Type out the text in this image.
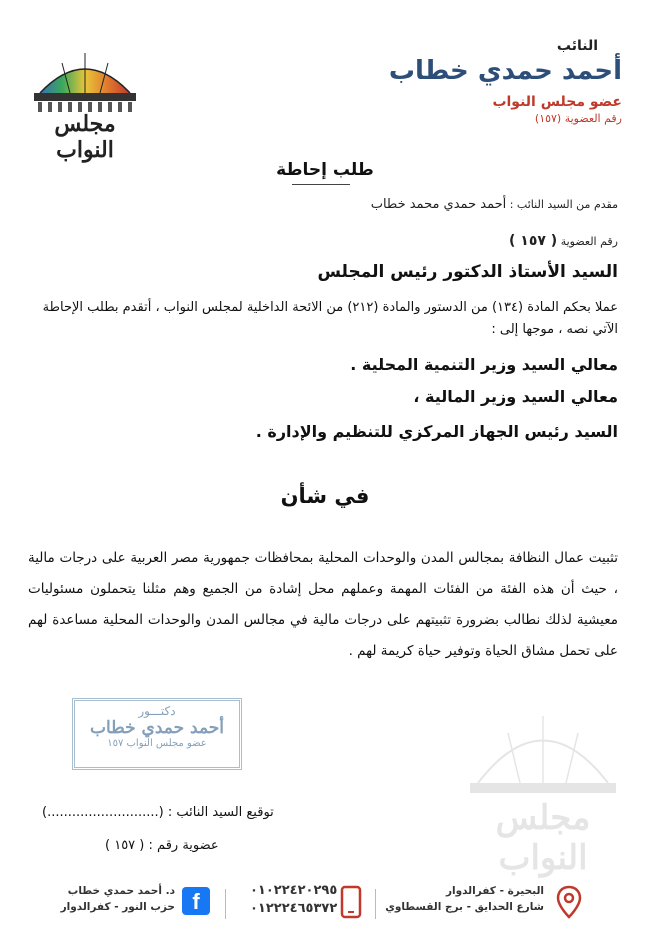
مجلس النواب
النائب
أحمد حمدي خطاب
عضو مجلس النواب
رقم العضوية (١٥٧)
طلب إحاطة
مقدم من السيد النائب : أحمد حمدي محمد خطاب
رقم العضوية ( ١٥٧ )
السيد الأستاذ الدكتور رئيس المجلس
عملا بحكم المادة (١٣٤) من الدستور والمادة (٢١٢) من الائحة الداخلية لمجلس النواب ، أتقدم بطلب الإحاطة الآتي نصه ، موجها إلى :
معالي السيد وزير التنمية المحلية .
معالي السيد وزير المالية ،
السيد رئيس الجهاز المركزي للتنظيم والإدارة .
في شأن
تثبيت عمال النظافة بمجالس المدن والوحدات المحلية بمحافظات جمهورية مصر العربية على درجات مالية ، حيث أن هذه الفئة من الفئات المهمة وعملهم محل إشادة من الجميع وهم مثلنا يتحملون مسئوليات معيشية لذلك نطالب بضرورة تثبيتهم على درجات مالية في مجالس المدن والوحدات المحلية مساعدة لهم على تحمل مشاق الحياة وتوفير حياة كريمة لهم .
دكتـــور
أحمد حمدي خطاب
عضو مجلس النواب ١٥٧
مجلس النواب
توقيع السيد النائب : (...........................)
عضوية رقم : ( ١٥٧ )
البحيرة - كفرالدوار
شارع الحدايق - برج القسطاوي
٠١٠٢٢٤٢٠٢٩٥
٠١٢٢٢٤٦٥٣٧٢
f
د. أحمد حمدي خطاب
حزب النور - كفرالدوار
